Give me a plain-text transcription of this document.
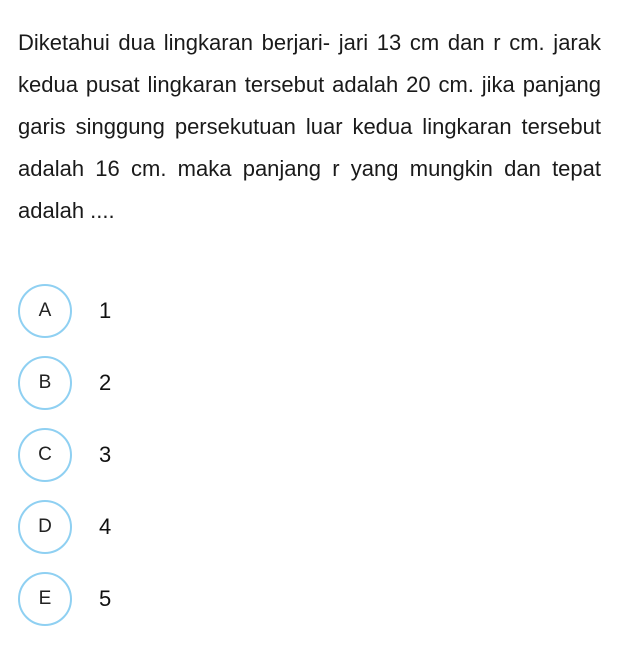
Diketahui dua lingkaran berjari- jari 13 cm dan r cm. jarak kedua pusat lingkaran tersebut adalah 20 cm. jika panjang garis singgung persekutuan luar kedua lingkaran tersebut adalah 16 cm. maka panjang r yang mungkin dan tepat adalah ....

A	1
B	2
C	3
D	4
E	5
